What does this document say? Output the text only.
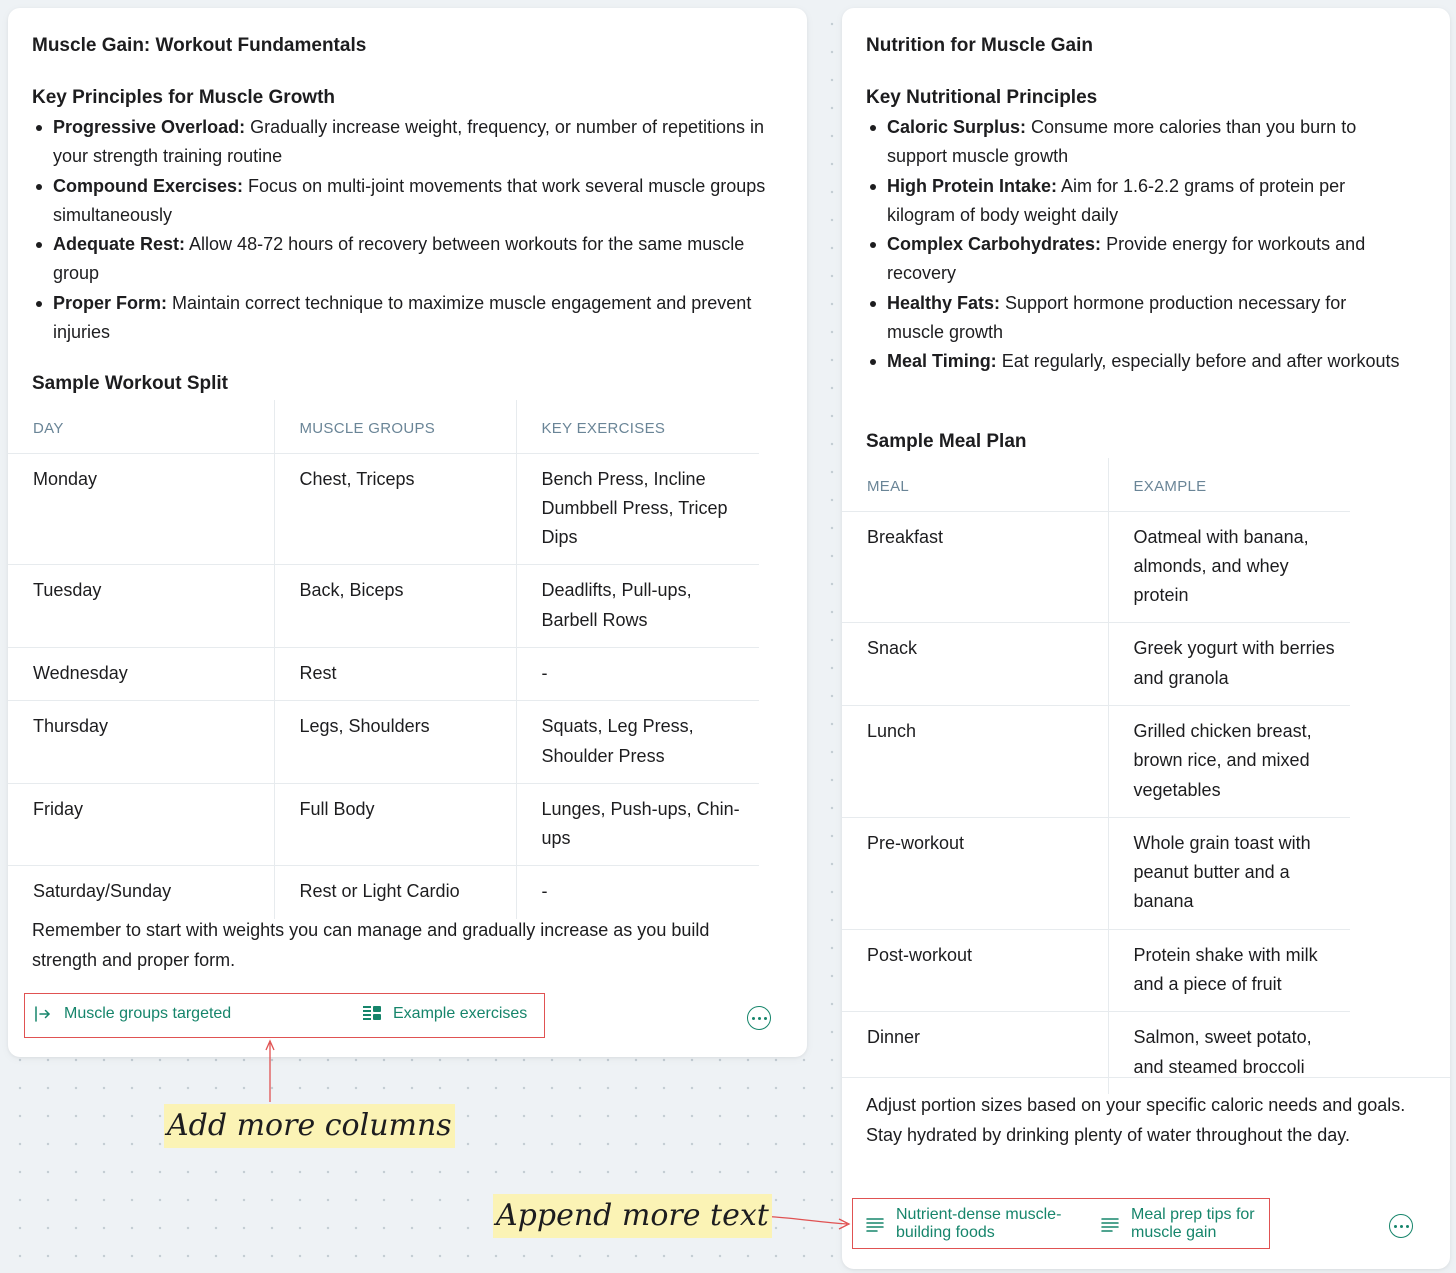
Muscle Gain: Workout Fundamentals
Key Principles for Muscle Growth
Progressive Overload: Gradually increase weight, frequency, or number of repetitions in your strength training routine
Compound Exercises: Focus on multi-joint movements that work several muscle groups simultaneously
Adequate Rest: Allow 48-72 hours of recovery between workouts for the same muscle group
Proper Form: Maintain correct technique to maximize muscle engagement and prevent injuries
Sample Workout Split
DAY	MUSCLE GROUPS	KEY EXERCISES
Monday	Chest, Triceps	Bench Press, Incline Dumbbell Press, Tricep Dips
Tuesday	Back, Biceps	Deadlifts, Pull-ups, Barbell Rows
Wednesday	Rest	-
Thursday	Legs, Shoulders	Squats, Leg Press, Shoulder Press
Friday	Full Body	Lunges, Push-ups, Chin-ups
Saturday/Sunday	Rest or Light Cardio	-
Remember to start with weights you can manage and gradually increase as you build strength and proper form.
Muscle groups targeted	Example exercises
Nutrition for Muscle Gain
Key Nutritional Principles
Caloric Surplus: Consume more calories than you burn to support muscle growth
High Protein Intake: Aim for 1.6-2.2 grams of protein per kilogram of body weight daily
Complex Carbohydrates: Provide energy for workouts and recovery
Healthy Fats: Support hormone production necessary for muscle growth
Meal Timing: Eat regularly, especially before and after workouts
Sample Meal Plan
MEAL	EXAMPLE
Breakfast	Oatmeal with banana, almonds, and whey protein
Snack	Greek yogurt with berries and granola
Lunch	Grilled chicken breast, brown rice, and mixed vegetables
Pre-workout	Whole grain toast with peanut butter and a banana
Post-workout	Protein shake with milk and a piece of fruit
Dinner	Salmon, sweet potato, and steamed broccoli
Adjust portion sizes based on your specific caloric needs and goals. Stay hydrated by drinking plenty of water throughout the day.
Nutrient-dense muscle-building foods
Meal prep tips for muscle gain
Add more columns
Append more text
